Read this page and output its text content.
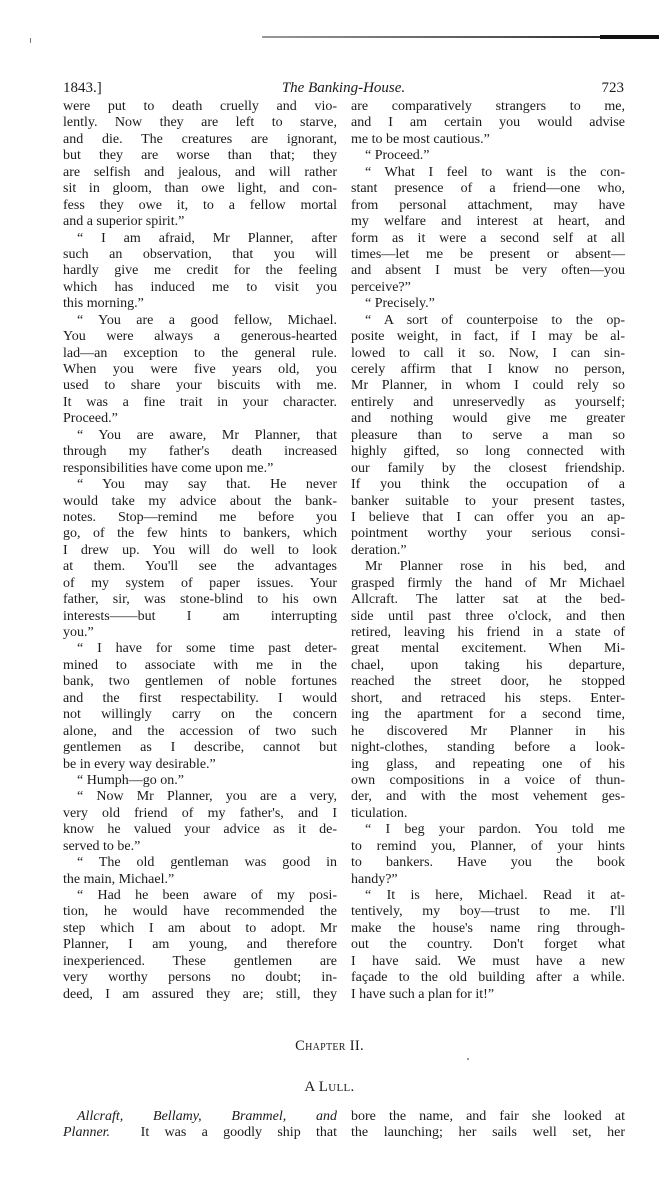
The Banking-House.
1843.]	723
were put to death cruelly and vio-
lently. Now they are left to starve,
and die. The creatures are ignorant,
but they are worse than that; they
are selfish and jealous, and will rather
sit in gloom, than owe light, and con-
fess they owe it, to a fellow mortal
and a superior spirit.”
“ I am afraid, Mr Planner, after
such an observation, that you will
hardly give me credit for the feeling
which has induced me to visit you
this morning.”
“ You are a good fellow, Michael.
You were always a generous-hearted
lad—an exception to the general rule.
When you were five years old, you
used to share your biscuits with me.
It was a fine trait in your character.
Proceed.”
“ You are aware, Mr Planner, that
through my father's death increased
responsibilities have come upon me.”
“ You may say that. He never
would take my advice about the bank-
notes. Stop—remind me before you
go, of the few hints to bankers, which
I drew up. You will do well to look
at them. You'll see the advantages
of my system of paper issues. Your
father, sir, was stone-blind to his own
interests——but I am interrupting
you.”
“ I have for some time past deter-
mined to associate with me in the
bank, two gentlemen of noble fortunes
and the first respectability. I would
not willingly carry on the concern
alone, and the accession of two such
gentlemen as I describe, cannot but
be in every way desirable.”
“ Humph—go on.”
“ Now Mr Planner, you are a very,
very old friend of my father's, and I
know he valued your advice as it de-
served to be.”
“ The old gentleman was good in
the main, Michael.”
“ Had he been aware of my posi-
tion, he would have recommended the
step which I am about to adopt. Mr
Planner, I am young, and therefore
inexperienced. These gentlemen are
very worthy persons no doubt; in-
deed, I am assured they are; still, they
are comparatively strangers to me,
and I am certain you would advise
me to be most cautious.”
“ Proceed.”
“ What I feel to want is the con-
stant presence of a friend—one who,
from personal attachment, may have
my welfare and interest at heart, and
form as it were a second self at all
times—let me be present or absent—
and absent I must be very often—you
perceive?”
“ Precisely.”
“ A sort of counterpoise to the op-
posite weight, in fact, if I may be al-
lowed to call it so. Now, I can sin-
cerely affirm that I know no person,
Mr Planner, in whom I could rely so
entirely and unreservedly as yourself;
and nothing would give me greater
pleasure than to serve a man so
highly gifted, so long connected with
our family by the closest friendship.
If you think the occupation of a
banker suitable to your present tastes,
I believe that I can offer you an ap-
pointment worthy your serious consi-
deration.”
Mr Planner rose in his bed, and
grasped firmly the hand of Mr Michael
Allcraft. The latter sat at the bed-
side until past three o'clock, and then
retired, leaving his friend in a state of
great mental excitement. When Mi-
chael, upon taking his departure,
reached the street door, he stopped
short, and retraced his steps. Enter-
ing the apartment for a second time,
he discovered Mr Planner in his
night-clothes, standing before a look-
ing glass, and repeating one of his
own compositions in a voice of thun-
der, and with the most vehement ges-
ticulation.
“ I beg your pardon. You told me
to remind you, Planner, of your hints
to bankers. Have you the book
handy?”
“ It is here, Michael. Read it at-
tentively, my boy—trust to me. I'll
make the house's name ring through-
out the country. Don't forget what
I have said. We must have a new
façade to the old building after a while.
I have such a plan for it!”
Chapter II.
A Lull.
Allcraft, Bellamy, Brammel, and
Planner.  It was a goodly ship that
bore the name, and fair she looked at
the launching; her sails well set, her
